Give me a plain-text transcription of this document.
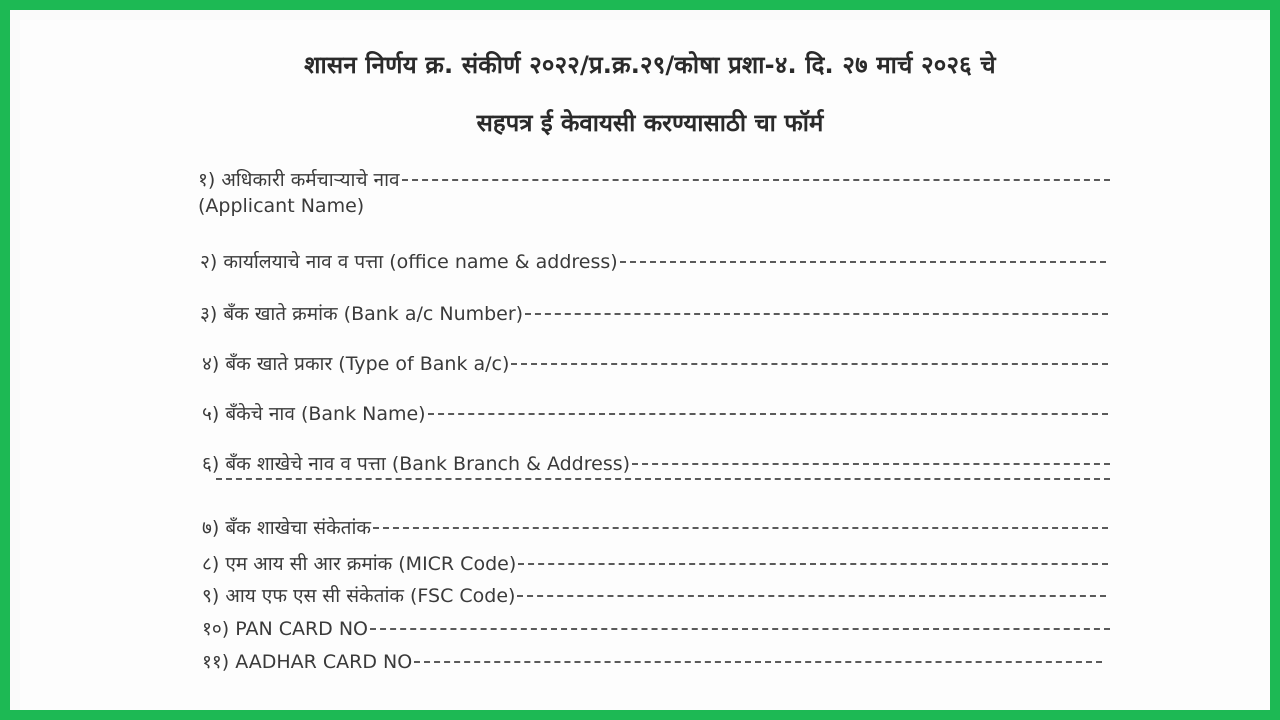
शासन निर्णय क्र. संकीर्ण २०२२/प्र.क्र.२९/कोषा प्रशा-४. दि. २७ मार्च २०२६ चे
सहपत्र ई केवायसी करण्यासाठी चा फॉर्म
१) अधिकारी कर्मचाऱ्याचे नाव
(Applicant Name)
२) कार्यालयाचे नाव व पत्ता (office name & address)
३) बँक खाते क्रमांक (Bank a/c Number)
४) बँक खाते प्रकार (Type of Bank a/c)
५) बँकेचे नाव (Bank Name)
६) बँक शाखेचे नाव व पत्ता (Bank Branch & Address)
७) बँक शाखेचा संकेतांक
८) एम आय सी आर क्रमांक (MICR Code)
९) आय एफ एस सी संकेतांक (FSC Code)
१०) PAN CARD NO
११) AADHAR CARD NO
